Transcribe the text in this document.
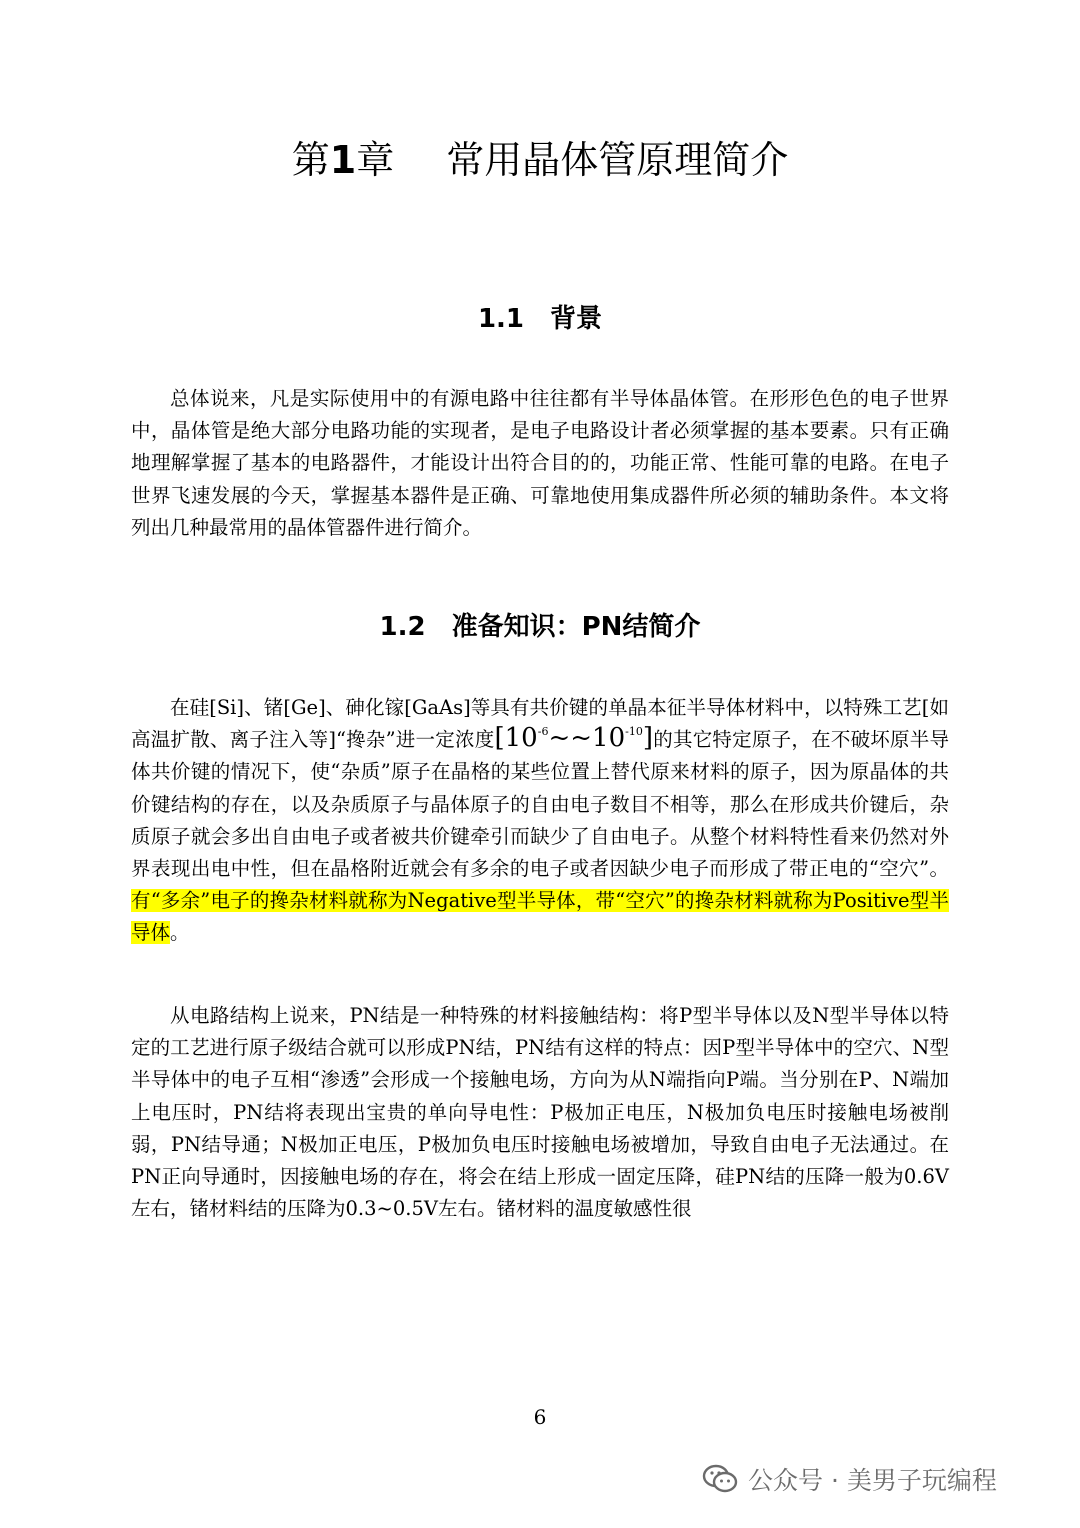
第1章 常用晶体管原理简介
1.1 背景

总体说来，凡是实际使用中的有源电路中往往都有半导体晶体管。在形形色色的电子世界中，晶体管是绝大部分电路功能的实现者，是电子电路设计者必须掌握的基本要素。只有正确地理解掌握了基本的电路器件，才能设计出符合目的的，功能正常、性能可靠的电路。在电子世界飞速发展的今天，掌握基本器件是正确、可靠地使用集成器件所必须的辅助条件。本文将列出几种最常用的晶体管器件进行简介。

1.2 准备知识：PN结简介

在硅[Si]、锗[Ge]、砷化镓[GaAs]等具有共价键的单晶本征半导体材料中，以特殊工艺[如高温扩散、离子注入等]“搀杂”进一定浓度$[10^{-6}\sim\sim 10^{-10}]$的其它特定原子，在不破坏原半导体共价键的情况下，使“杂质”原子在晶格的某些位置上替代原来材料的原子，因为原晶体的共价键结构的存在，以及杂质原子与晶体原子的自由电子数目不相等，那么在形成共价键后，杂质原子就会多出自由电子或者被共价键牵引而缺少了自由电子。从整个材料特性看来仍然对外界表现出电中性，但在晶格附近就会有多余的电子或者因缺少电子而形成了带正电的“空穴”。有“多余”电子的搀杂材料就称为Negative型半导体，带“空穴”的搀杂材料就称为Positive型半导体。

从电路结构上说来，PN结是一种特殊的材料接触结构：将P型半导体以及N型半导体以特定的工艺进行原子级结合就可以形成PN结，PN结有这样的特点：因P型半导体中的空穴、N型半导体中的电子互相“渗透”会形成一个接触电场，方向为从N端指向P端。当分别在P、N端加上电压时，PN结将表现出宝贵的单向导电性：P极加正电压，N极加负电压时接触电场被削弱，PN结导通；N极加正电压，P极加负电压时接触电场被增加，导致自由电子无法通过。在PN正向导通时，因接触电场的存在，将会在结上形成一固定压降，硅PN结的压降一般为0.6V左右，锗材料结的压降为0.3~0.5V左右。锗材料的温度敏感性很

6
公众号 · 美男子玩编程
